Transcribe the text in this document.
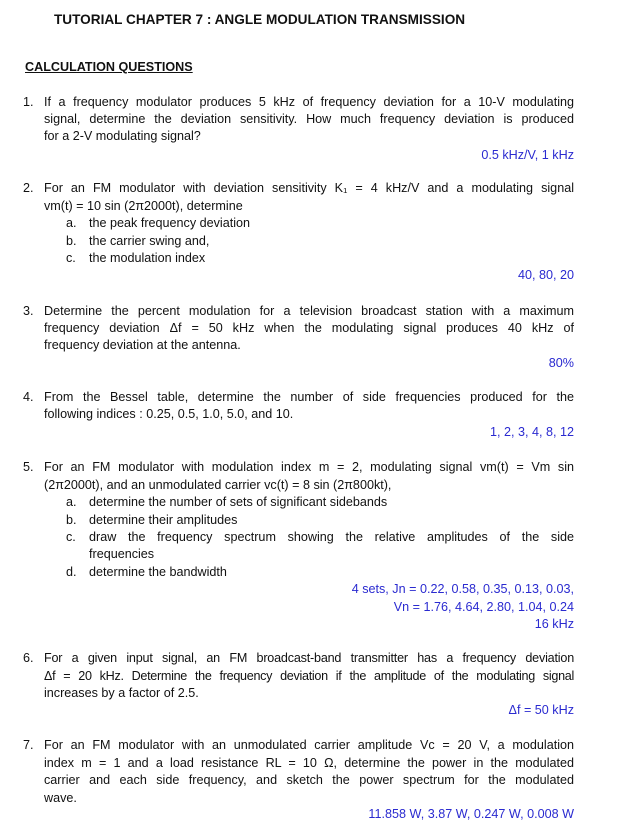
TUTORIAL CHAPTER 7 : ANGLE MODULATION TRANSMISSION
CALCULATION QUESTIONS
1. If a frequency modulator produces 5 kHz of frequency deviation for a 10-V modulating
signal, determine the deviation sensitivity. How much frequency deviation is produced
for a 2-V modulating signal?
0.5 kHz/V, 1 kHz
2. For an FM modulator with deviation sensitivity K₁ = 4 kHz/V and a modulating signal
vm(t) = 10 sin (2π2000t), determine
a. the peak frequency deviation
b. the carrier swing and,
c. the modulation index
40, 80, 20
3. Determine the percent modulation for a television broadcast station with a maximum
frequency deviation Δf = 50 kHz when the modulating signal produces 40 kHz of
frequency deviation at the antenna.
80%
4. From the Bessel table, determine the number of side frequencies produced for the
following indices : 0.25, 0.5, 1.0, 5.0, and 10.
1, 2, 3, 4, 8, 12
5. For an FM modulator with modulation index m = 2, modulating signal vm(t) = Vm sin
(2π2000t), and an unmodulated carrier vc(t) = 8 sin (2π800kt),
a. determine the number of sets of significant sidebands
b. determine their amplitudes
c. draw the frequency spectrum showing the relative amplitudes of the side
frequencies
d. determine the bandwidth
4 sets, Jn = 0.22, 0.58, 0.35, 0.13, 0.03,
Vn = 1.76, 4.64, 2.80, 1.04, 0.24
16 kHz
6. For a given input signal, an FM broadcast-band transmitter has a frequency deviation
Δf = 20 kHz. Determine the frequency deviation if the amplitude of the modulating signal
increases by a factor of 2.5.
Δf = 50 kHz
7. For an FM modulator with an unmodulated carrier amplitude Vc = 20 V, a modulation
index m = 1 and a load resistance RL = 10 Ω, determine the power in the modulated
carrier and each side frequency, and sketch the power spectrum for the modulated
wave.
11.858 W, 3.87 W, 0.247 W, 0.008 W
